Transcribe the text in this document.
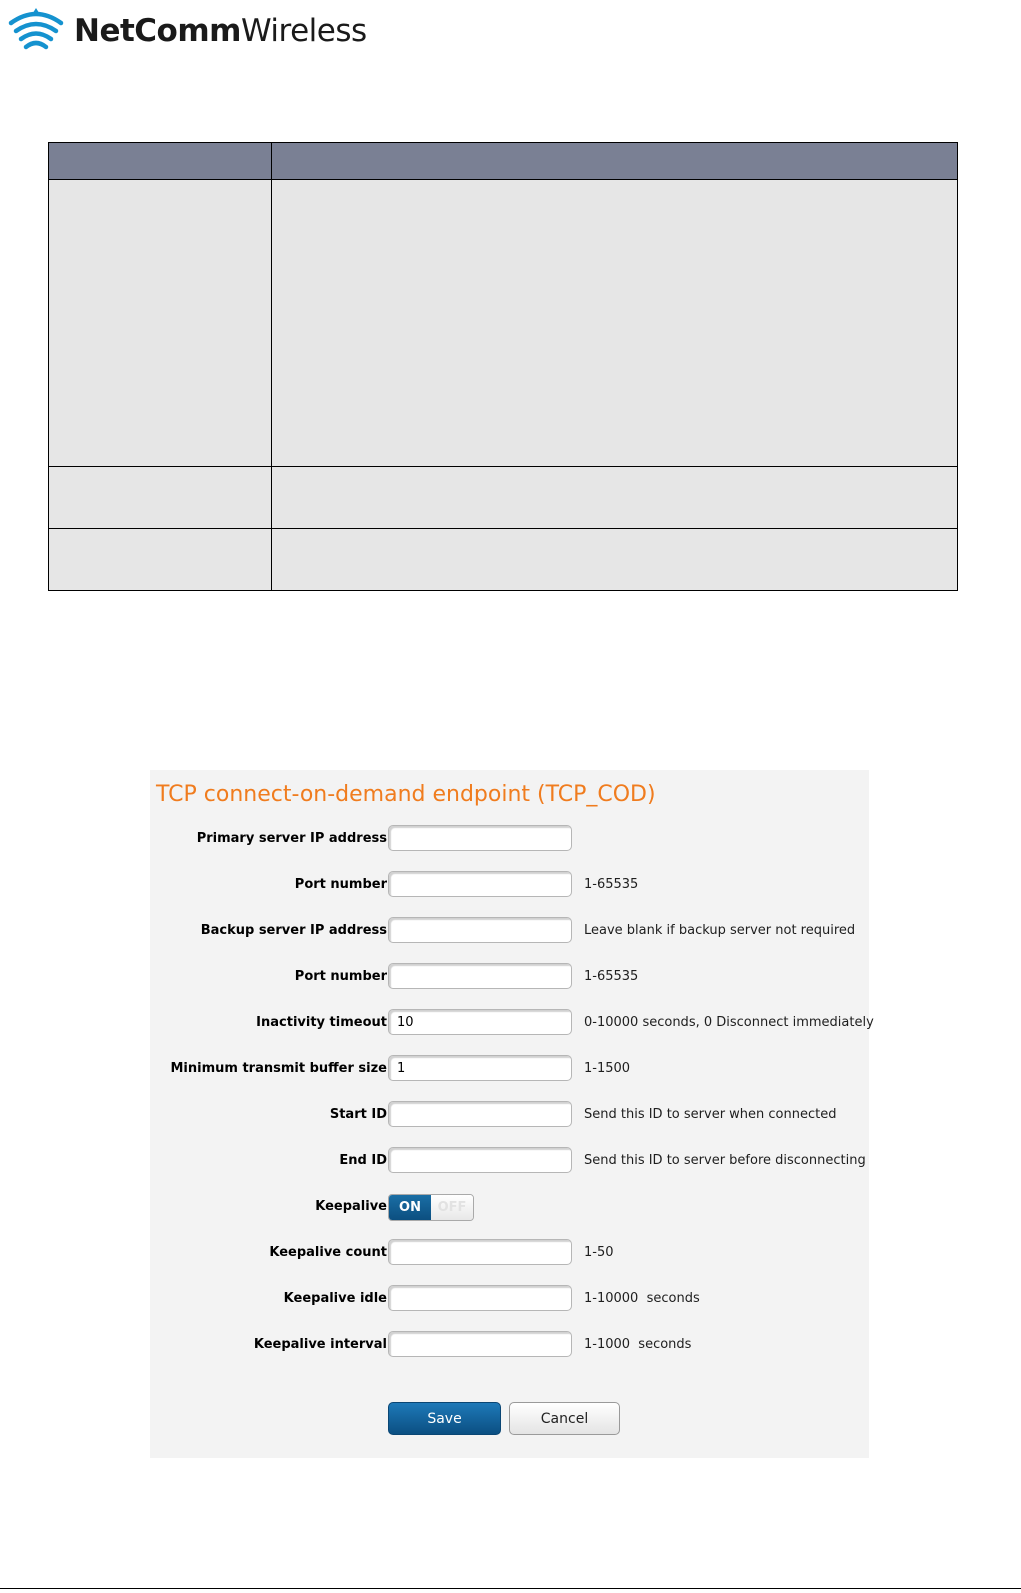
NetCommWireless

TCP connect-on-demand endpoint (TCP_COD)
Primary server IP address
Port number	1-65535
Backup server IP address	Leave blank if backup server not required
Port number	1-65535
Inactivity timeout 10	0-10000 seconds, 0 Disconnect immediately
Minimum transmit buffer size 1	1-1500
Start ID	Send this ID to server when connected
End ID	Send this ID to server before disconnecting
Keepalive ON	OFF
Keepalive count	1-50
Keepalive idle	1-10000  seconds
Keepalive interval	1-1000  seconds
Save	Cancel
